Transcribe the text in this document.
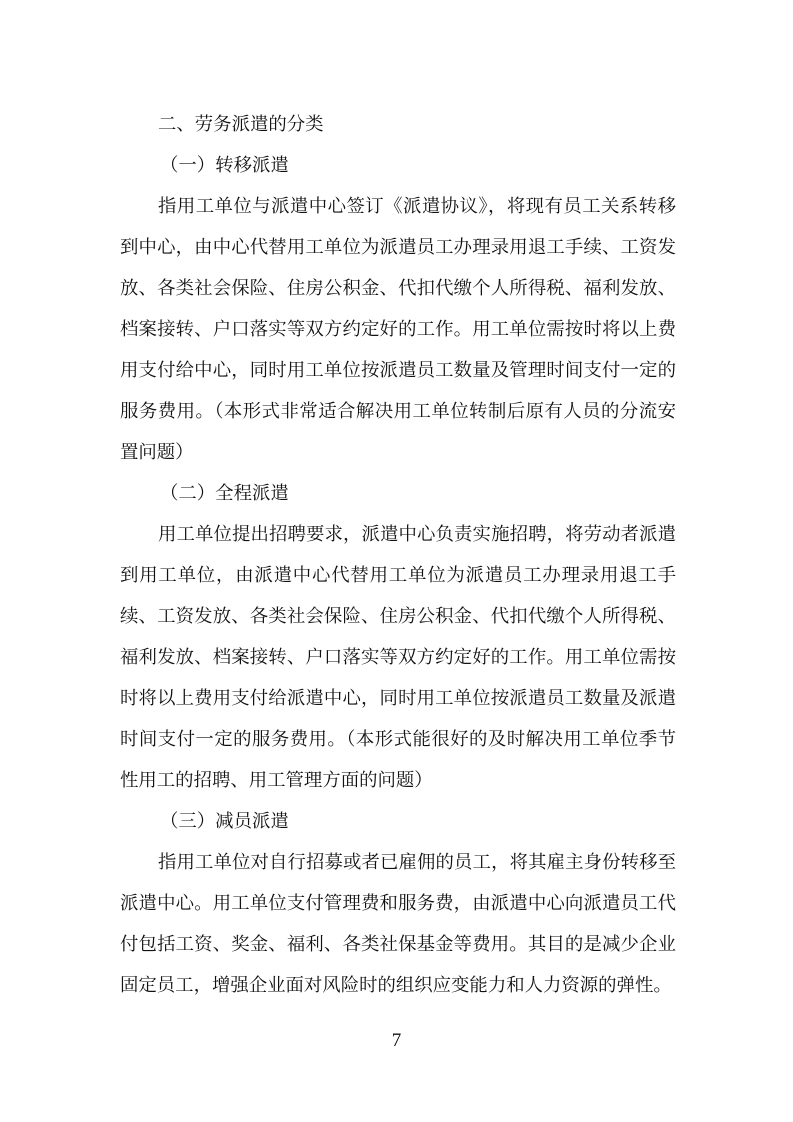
二、劳务派遣的分类

（一）转移派遣

指用工单位与派遣中心签订《派遣协议》，将现有员工关系转移到中心，由中心代替用工单位为派遣员工办理录用退工手续、工资发放、各类社会保险、住房公积金、代扣代缴个人所得税、福利发放、档案接转、户口落实等双方约定好的工作。用工单位需按时将以上费用支付给中心，同时用工单位按派遣员工数量及管理时间支付一定的服务费用。（本形式非常适合解决用工单位转制后原有人员的分流安置问题）

（二）全程派遣

用工单位提出招聘要求，派遣中心负责实施招聘，将劳动者派遣到用工单位，由派遣中心代替用工单位为派遣员工办理录用退工手续、工资发放、各类社会保险、住房公积金、代扣代缴个人所得税、福利发放、档案接转、户口落实等双方约定好的工作。用工单位需按时将以上费用支付给派遣中心，同时用工单位按派遣员工数量及派遣时间支付一定的服务费用。（本形式能很好的及时解决用工单位季节性用工的招聘、用工管理方面的问题）

（三）减员派遣

指用工单位对自行招募或者已雇佣的员工，将其雇主身份转移至派遣中心。用工单位支付管理费和服务费，由派遣中心向派遣员工代付包括工资、奖金、福利、各类社保基金等费用。其目的是减少企业固定员工，增强企业面对风险时的组织应变能力和人力资源的弹性。

7
